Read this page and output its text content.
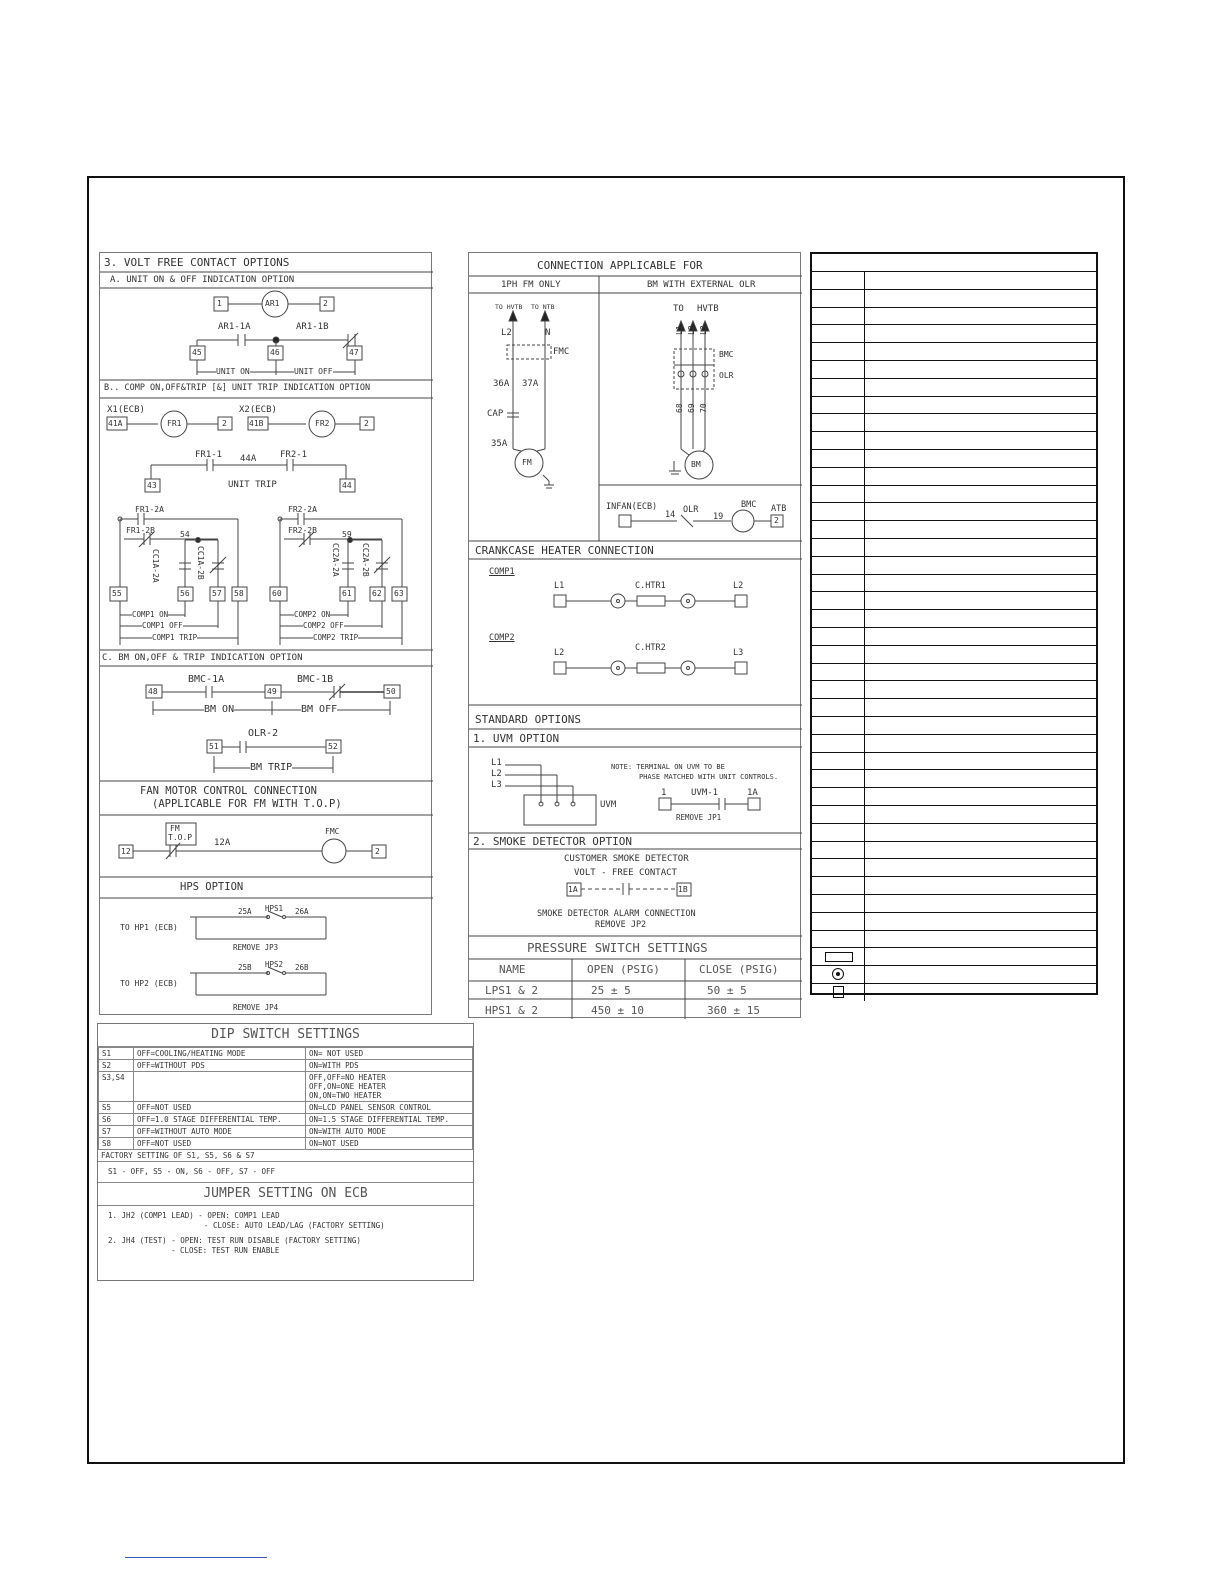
3. VOLT FREE CONTACT OPTIONS
A. UNIT ON & OFF INDICATION OPTION
1	AR1	2
AR1-1A	AR1-1B
45	46	47
UNIT ON	UNIT OFF
B.. COMP ON,OFF&TRIP [&] UNIT TRIP INDICATION OPTION
X1(ECB)	X2(ECB)
41A	41B
FR1	FR2
2	2
FR1-1 44A	FR2-1
43	44
UNIT TRIP
FR1-2A
FR1-2B	54
CC1A-2A	CC1A-2B
55	56	57 58
COMP1 ON
COMP1 OFF
COMP1 TRIP
FR2-2A
FR2-2B	59
CC2A-2A	CC2A-2B
60	61	62 63
COMP2 ON
COMP2 OFF
COMP2 TRIP
C. BM ON,OFF & TRIP INDICATION OPTION
48
BMC-1A
49
BMC-1B
50
BM ON	BM OFF
OLR-2
51	52
BM TRIP
FAN MOTOR CONTROL CONNECTION
(APPLICABLE FOR FM WITH T.O.P)
12
FM
T.O.P
12A
FMC
2
HPS OPTION
TO HP1 (ECB)
25A HPS1 26A
REMOVE JP3
TO HP2 (ECB)
25B HPS2 26B
REMOVE JP4
CONNECTION APPLICABLE FOR
1PH FM ONLY	BM WITH EXTERNAL OLR
TO HVTB TO NTB
L2	N
FMC
36A 37A
CAP
35A
FM
TO HVTB
L1 L2 L3
BMC
OLR
68 69 70
BM
INFAN(ECB)
14 OLR
19
BMC ATB
2
CRANKCASE HEATER CONNECTION
COMP1
L1	C.HTR1	L2
COMP2
L2	C.HTR2	L3
STANDARD OPTIONS
1. UVM OPTION
L1
L2
L3
UVM
NOTE: TERMINAL ON UVM TO BE
PHASE MATCHED WITH UNIT CONTROLS.
1	UVM-1	1A
REMOVE JP1
2. SMOKE DETECTOR OPTION
CUSTOMER SMOKE DETECTOR
VOLT - FREE CONTACT
1A	1B
SMOKE DETECTOR ALARM CONNECTION
REMOVE JP2
PRESSURE SWITCH SETTINGS
NAME	OPEN (PSIG)	CLOSE (PSIG)
LPS1 & 2	25 ± 5	50 ± 5
HPS1 & 2	450 ± 10	360 ± 15
DIP SWITCH SETTINGS
S1	OFF=COOLING/HEATING MODE	ON= NOT USED
S2	OFF=WITHOUT PDS	ON=WITH PDS
S3,S4		OFF,OFF=NO HEATER
OFF,ON=ONE HEATER
ON,ON=TWO HEATER
S5	OFF=NOT USED	ON=LCD PANEL SENSOR CONTROL
S6	OFF=1.0 STAGE DIFFERENTIAL TEMP.	ON=1.5 STAGE DIFFERENTIAL TEMP.
S7	OFF=WITHOUT AUTO MODE	ON=WITH AUTO MODE
S8	OFF=NOT USED	ON=NOT USED
FACTORY SETTING OF S1, S5, S6 & S7
S1 - OFF, S5 - ON, S6 - OFF, S7 - OFF
JUMPER SETTING ON ECB
1. JH2 (COMP1 LEAD) - OPEN: COMP1 LEAD
- CLOSE: AUTO LEAD/LAG (FACTORY SETTING)
2. JH4 (TEST) - OPEN: TEST RUN DISABLE (FACTORY SETTING)
- CLOSE: TEST RUN ENABLE
